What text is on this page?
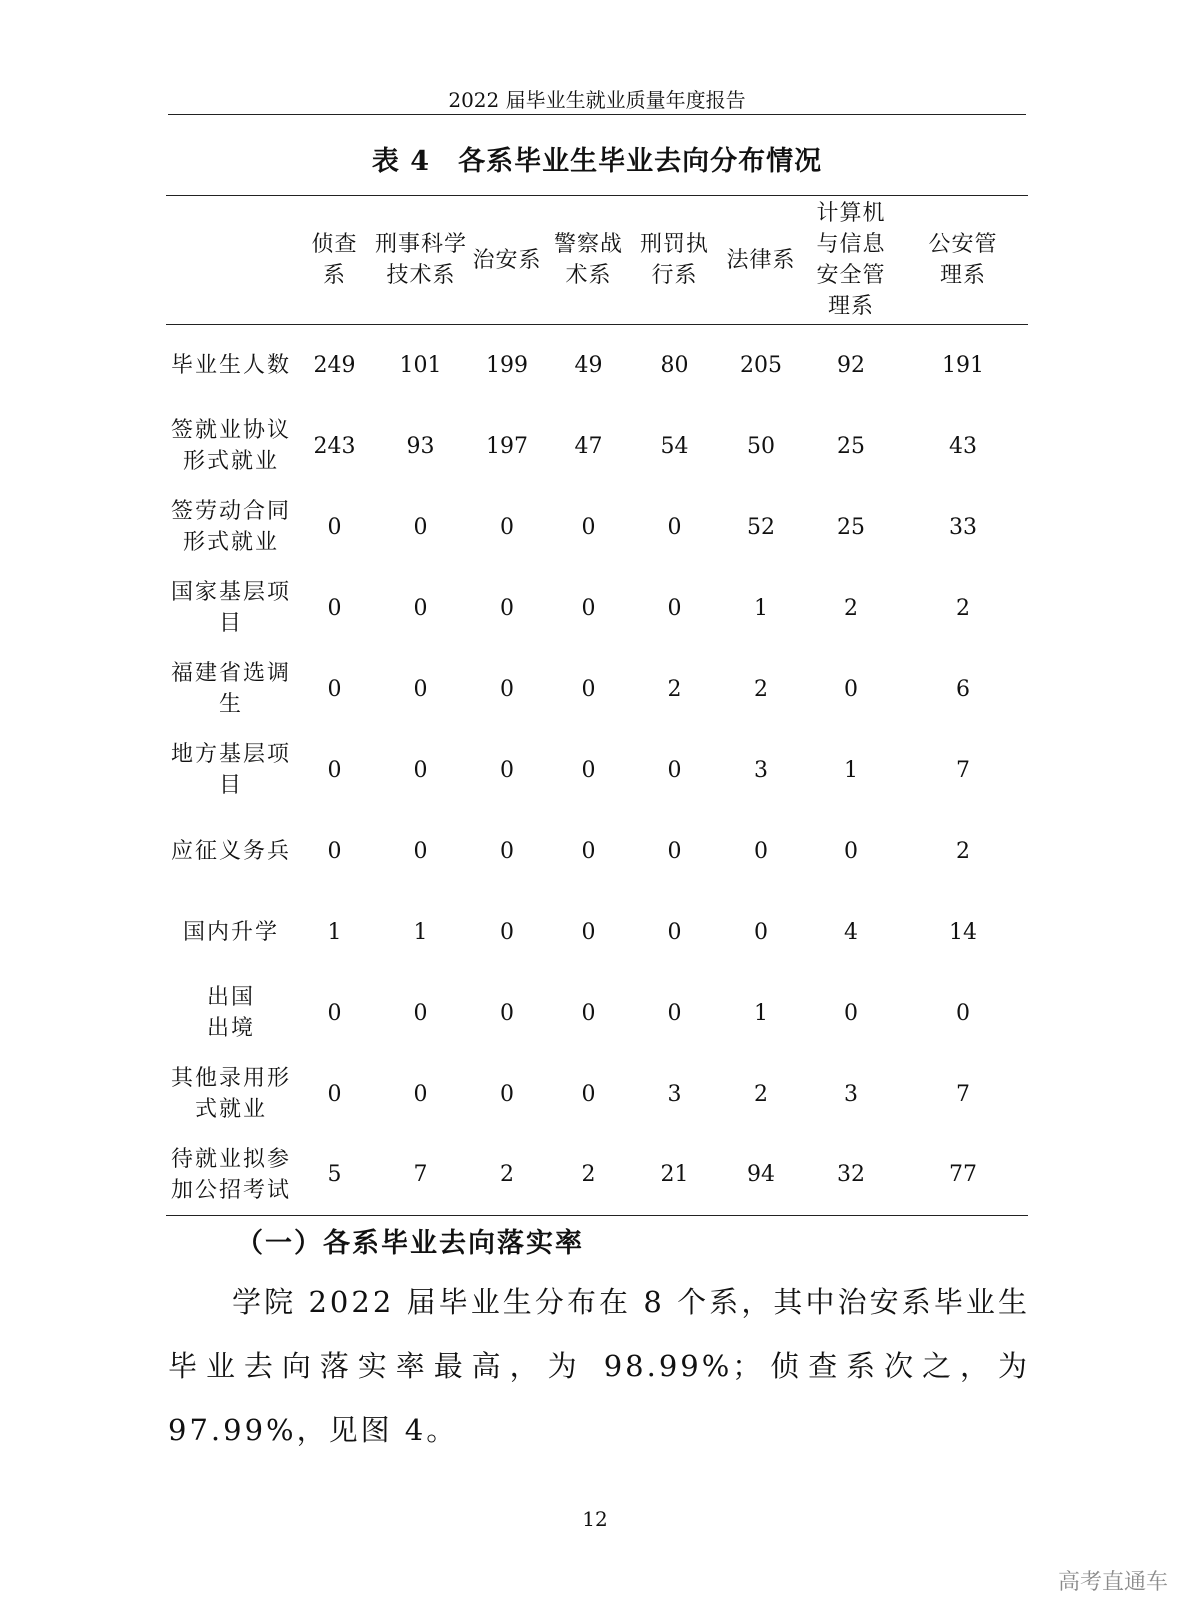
2022 届毕业生就业质量年度报告
表 4　各系毕业生毕业去向分布情况
	侦查系	刑事科学技术系	治安系	警察战术系	刑罚执行系	法律系	计算机与信息安全管理系	公安管理系
毕业生人数	249	101	199	49	80	205	92	191
签就业协议形式就业	243	93	197	47	54	50	25	43
签劳动合同形式就业	0	0	0	0	0	52	25	33
国家基层项目	0	0	0	0	0	1	2	2
福建省选调生	0	0	0	0	2	2	0	6
地方基层项目	0	0	0	0	0	3	1	7
应征义务兵	0	0	0	0	0	0	0	2
国内升学	1	1	0	0	0	0	4	14
出国出境	0	0	0	0	0	1	0	0
其他录用形式就业	0	0	0	0	3	2	3	7
待就业拟参加公招考试	5	7	2	2	21	94	32	77
（一）各系毕业去向落实率
学院 2022 届毕业生分布在 8 个系，其中治安系毕业生毕业去向落实率最高，为 98.99%；侦查系次之，为 97.99%，见图 4。
12
高考直通车
